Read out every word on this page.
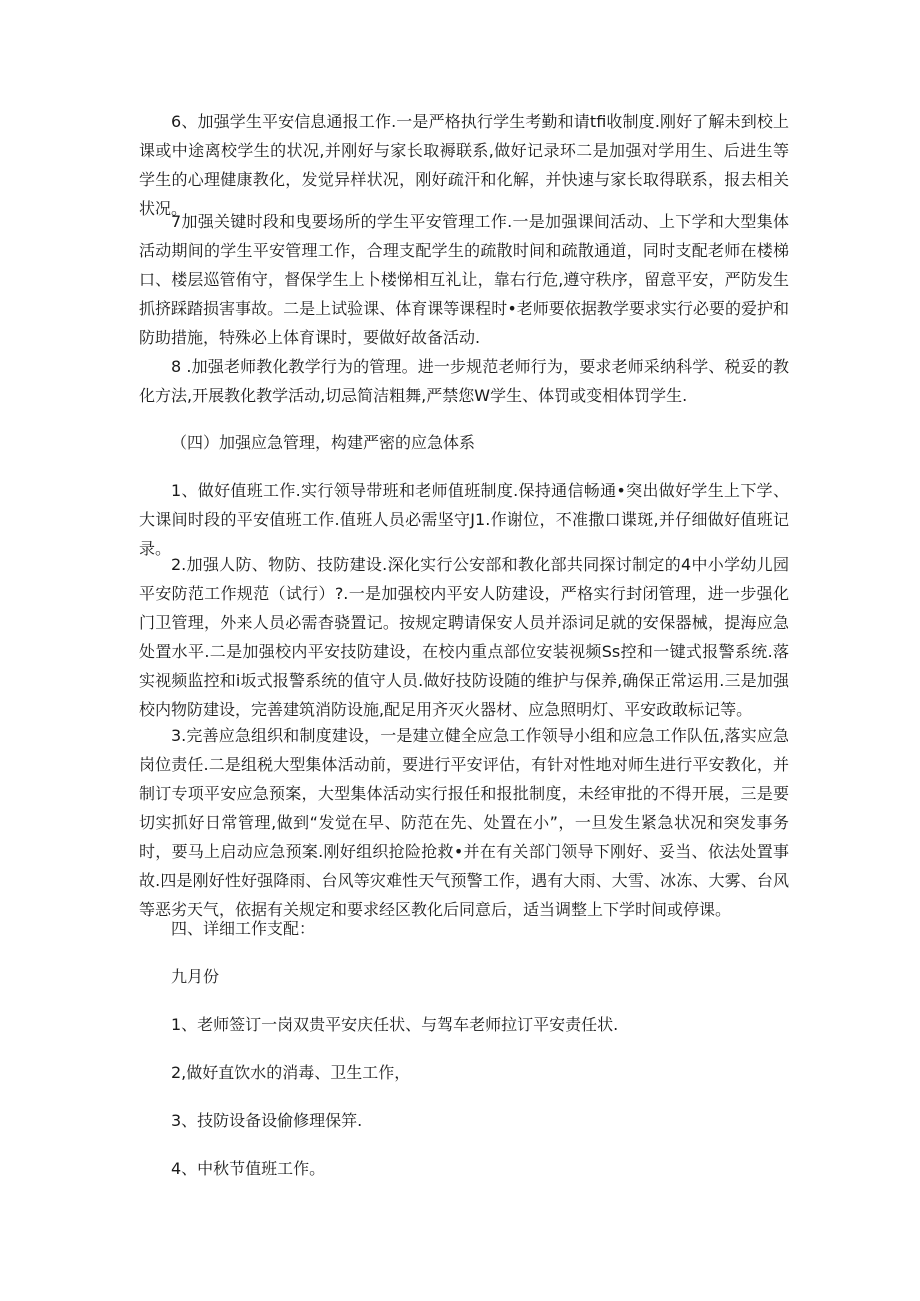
6、加强学生平安信息通报工作.一是严格执行学生考勤和请tfi收制度.刚好了解未到校上课或中途离校学生的状况,并刚好与家长取褥联系,做好记录环二是加强对学用生、后进生等学生的心理健康教化，发觉异样状况，刚好疏汗和化解，并快速与家长取得联系，报去相关状况。

7加强关键时段和曳要场所的学生平安管理工作.一是加强课间活动、上下学和大型集体活动期间的学生平安管理工作，合理支配学生的疏散时间和疏散通道，同时支配老师在楼梯口、楼层巡管侑守，督保学生上卜楼悌相互礼让，靠右行危,遵守秩序，留意平安，严防发生抓挤踩踏损害事故。二是上试验课、体育课等课程时•老师要依据教学要求实行必要的爱护和防助措施，特殊必上体育课时，要做好故备活动.

8 .加强老师教化教学行为的管理。进一步规范老师行为，要求老师采纳科学、税妥的教化方法,开展教化教学活动,切忌简洁粗舞,严禁您W学生、体罚或变相体罚学生.

（四）加强应急管理，构建严密的应急体系

1、做好值班工作.实行领导带班和老师值班制度.保持通信畅通•突出做好学生上下学、大课间时段的平安值班工作.值班人员必需坚守J1.作谢位，不准撒口谍斑,并仔细做好值班记录。

2.加强人防、物防、技防建设.深化实行公安部和教化部共同探讨制定的4中小学幼儿园平安防范工作规范（试行）?.一是加强校内平安人防建设，严格实行封闭管理，进一步强化门卫管理，外来人员必需杳骁置记。按规定聘请保安人员并添词足就的安保器械，提海应急处置水平.二是加强校内平安技防建设，在校内重点部位安装视频Ss控和一键式报警系统.落实视频监控和i坂式报警系统的值守人员.做好技防设随的维护与保养,确保正常运用.三是加强校内物防建设，完善建筑消防设施,配足用齐灭火器材、应急照明灯、平安政敢标记等。

3.完善应急组织和制度建设，一是建立健全应急工作领导小组和应急工作队伍,落实应急岗位责任.二是组税大型集体活动前，要进行平安评估，有针对性地对师生进行平安教化，并制订专项平安应急预案，大型集体活动实行报任和报批制度，未经审批的不得开展，三是要切实抓好日常管理,做到“发觉在早、防范在先、处置在小”，一旦发生紧急状况和突发事务时，要马上启动应急预案.刚好组织抢险抢救•并在有关部门领导下刚好、妥当、依法处置事故.四是刚好性好强降雨、台风等灾难性天气预警工作，遇有大雨、大雪、冰冻、大雾、台风等恶劣天气，依据有关规定和要求经区教化后同意后，适当调整上下学时间或停课。

四、详细工作支配：

九月份

1、老师签订一岗双贵平安庆任状、与驾车老师拉订平安责任状.

2,做好直饮水的消毒、卫生工作，

3、技防设备设偷修理保笄.

4、中秋节值班工作。
